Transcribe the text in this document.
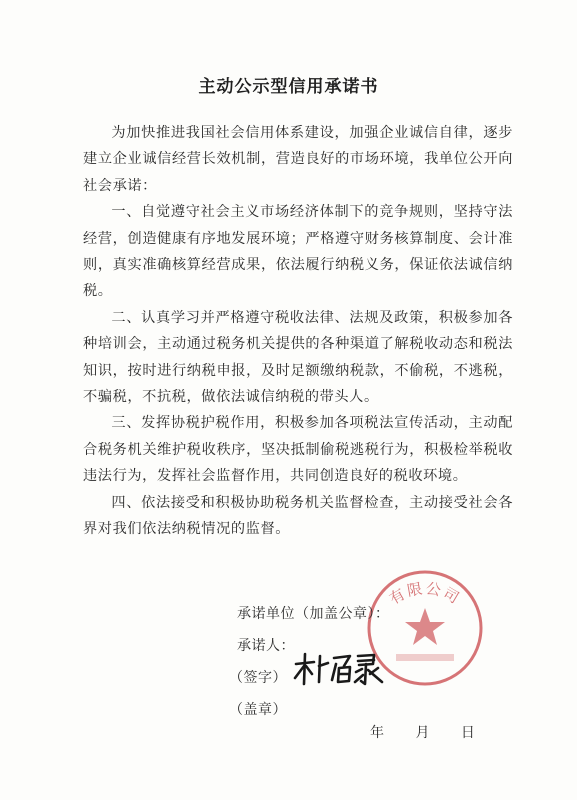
主动公示型信用承诺书

为加快推进我国社会信用体系建设，加强企业诚信自律，逐步建立企业诚信经营长效机制，营造良好的市场环境，我单位公开向社会承诺：

一、自觉遵守社会主义市场经济体制下的竞争规则，坚持守法经营，创造健康有序地发展环境；严格遵守财务核算制度、会计准则，真实准确核算经营成果，依法履行纳税义务，保证依法诚信纳税。

二、认真学习并严格遵守税收法律、法规及政策，积极参加各种培训会，主动通过税务机关提供的各种渠道了解税收动态和税法知识，按时进行纳税申报，及时足额缴纳税款，不偷税，不逃税，不骗税，不抗税，做依法诚信纳税的带头人。

三、发挥协税护税作用，积极参加各项税法宣传活动，主动配合税务机关维护税收秩序，坚决抵制偷税逃税行为，积极检举税收违法行为，发挥社会监督作用，共同创造良好的税收环境。

四、依法接受和积极协助税务机关监督检查，主动接受社会各界对我们依法纳税情况的监督。

有限公司
承诺单位（加盖公章）：
承诺人：
（签字）
（盖章）
年 月 日
